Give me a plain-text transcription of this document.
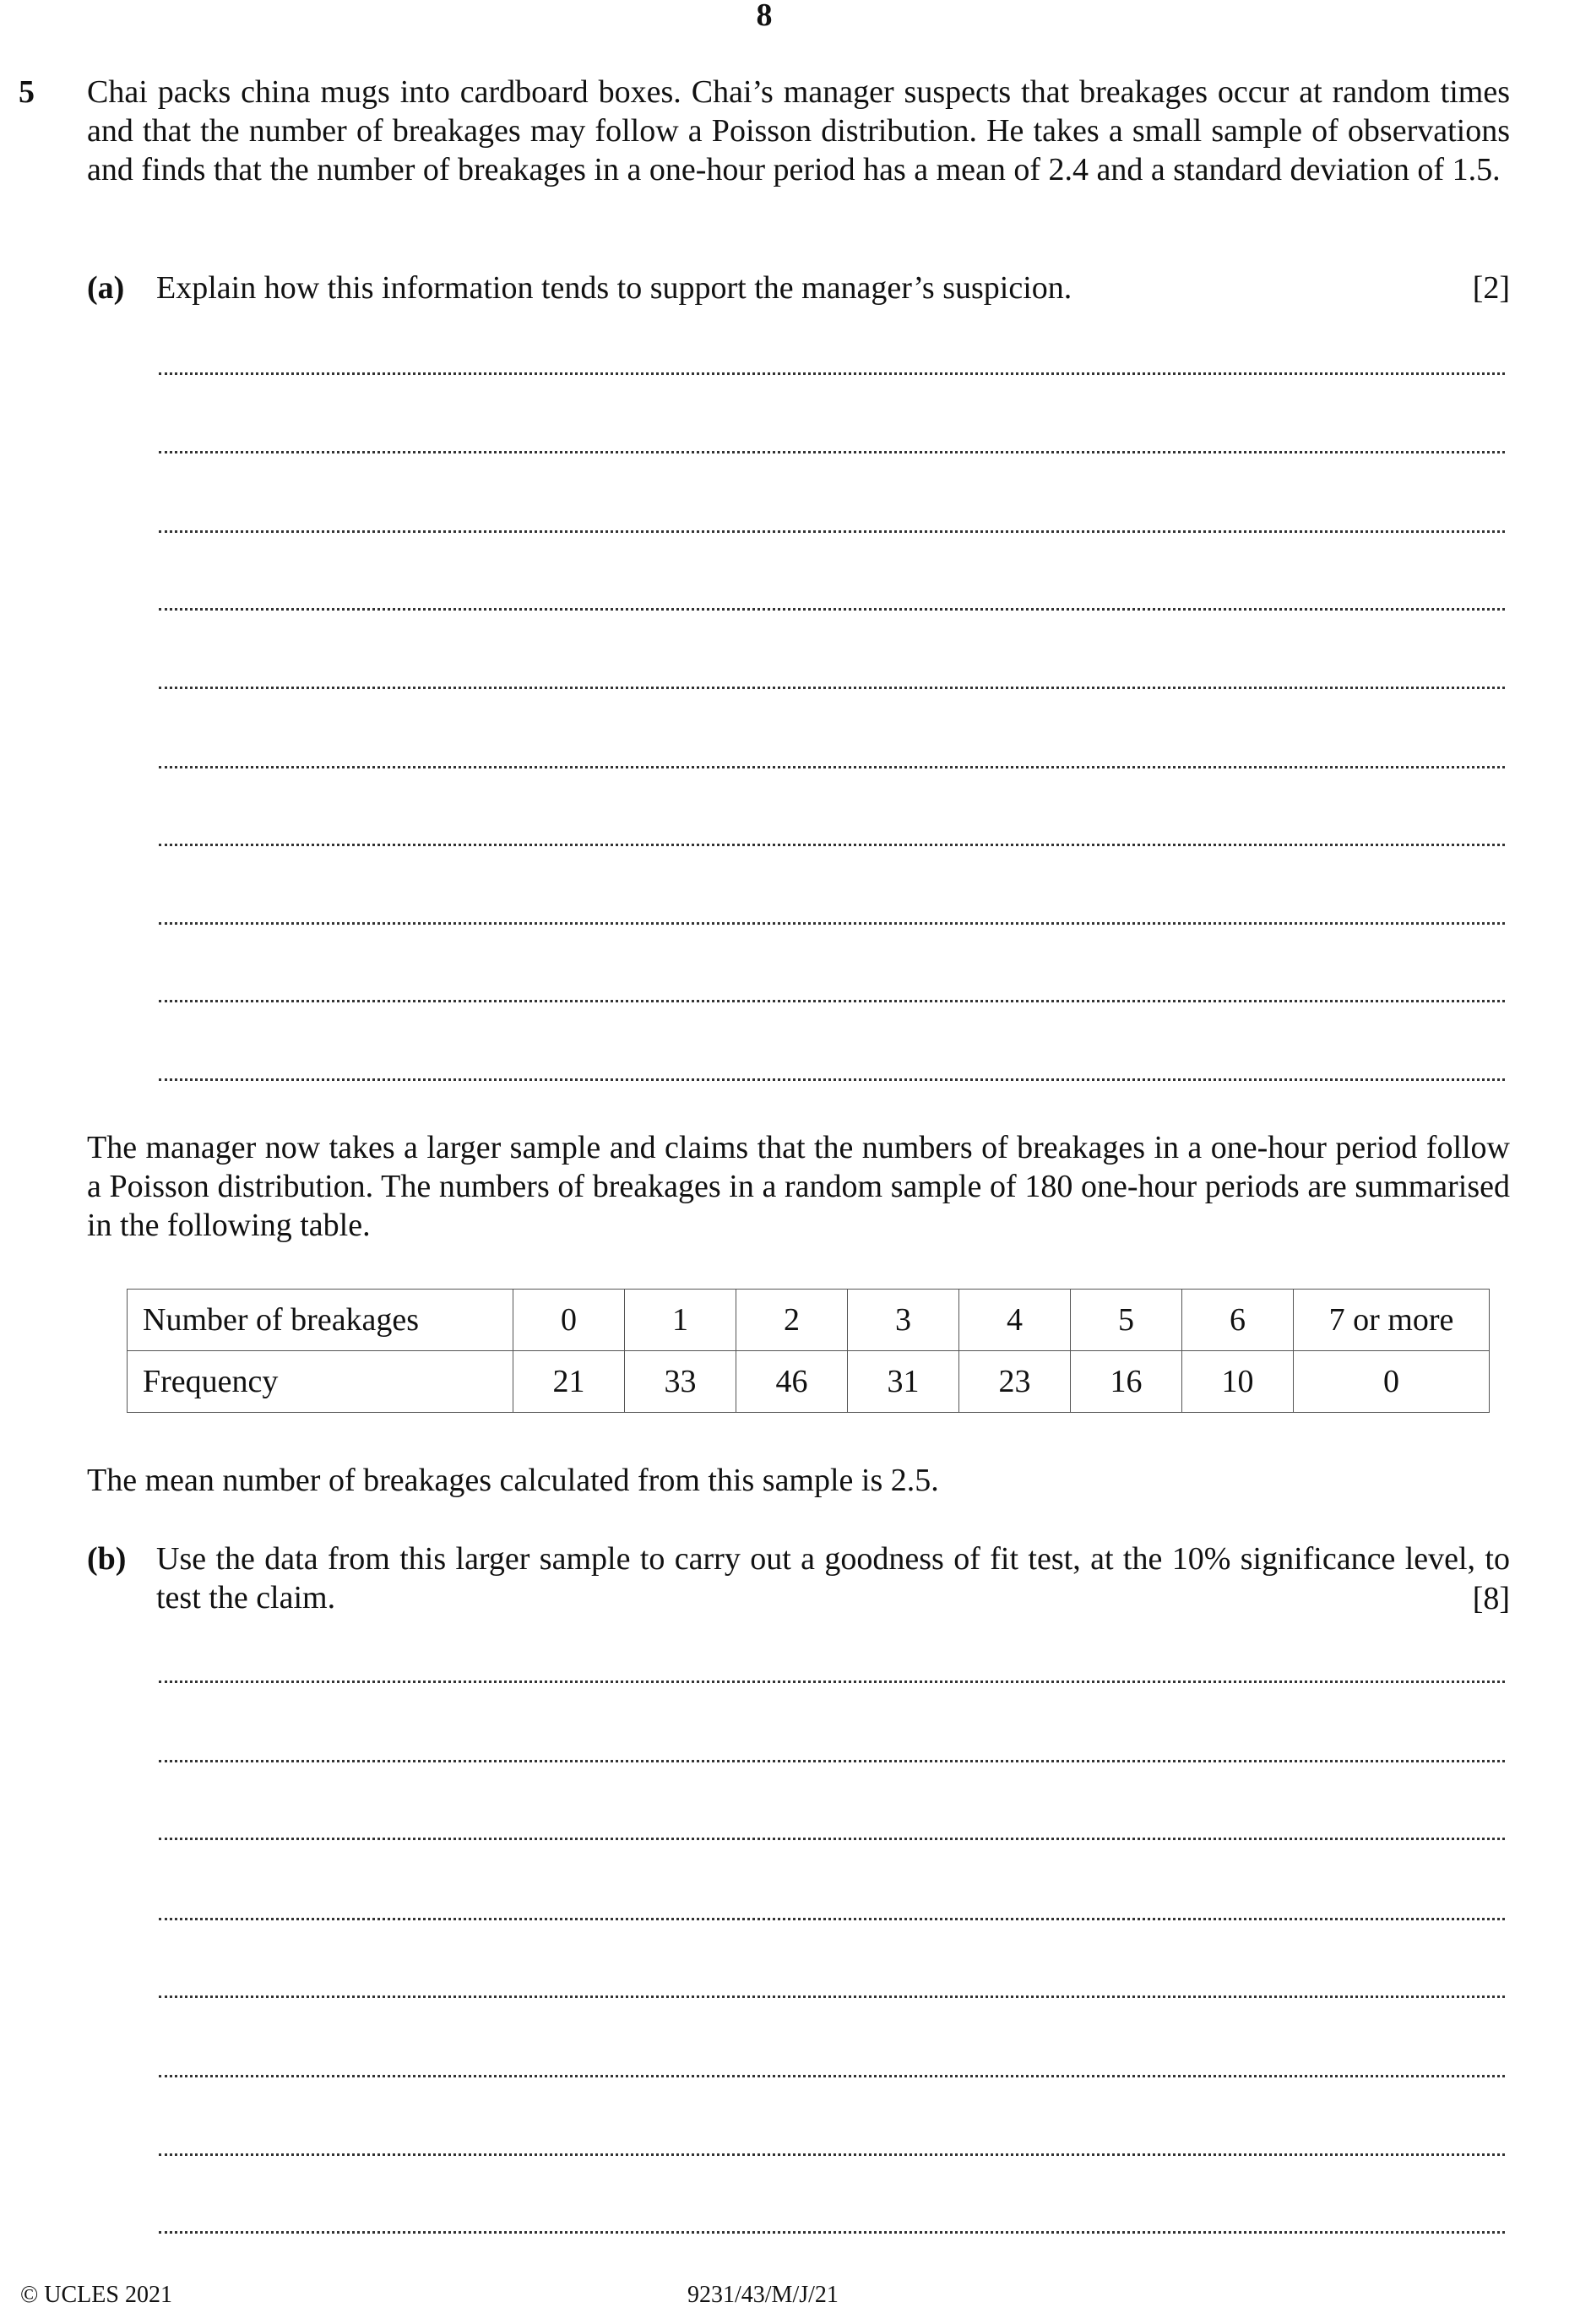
8
5 Chai packs china mugs into cardboard boxes. Chai’s manager suspects that breakages occur at random times and that the number of breakages may follow a Poisson distribution. He takes a small sample of observations and finds that the number of breakages in a one-hour period has a mean of 2.4 and a standard deviation of 1.5.
(a) Explain how this information tends to support the manager’s suspicion.	[2]
The manager now takes a larger sample and claims that the numbers of breakages in a one-hour period follow a Poisson distribution. The numbers of breakages in a random sample of 180 one-hour periods are summarised in the following table.
Number of breakages	0	1	2	3	4	5	6	7 or more
Frequency	21	33	46	31	23	16	10	0
The mean number of breakages calculated from this sample is 2.5.
(b) Use the data from this larger sample to carry out a goodness of fit test, at the 10% significance level, to test the claim.	[8]
© UCLES 2021	9231/43/M/J/21
